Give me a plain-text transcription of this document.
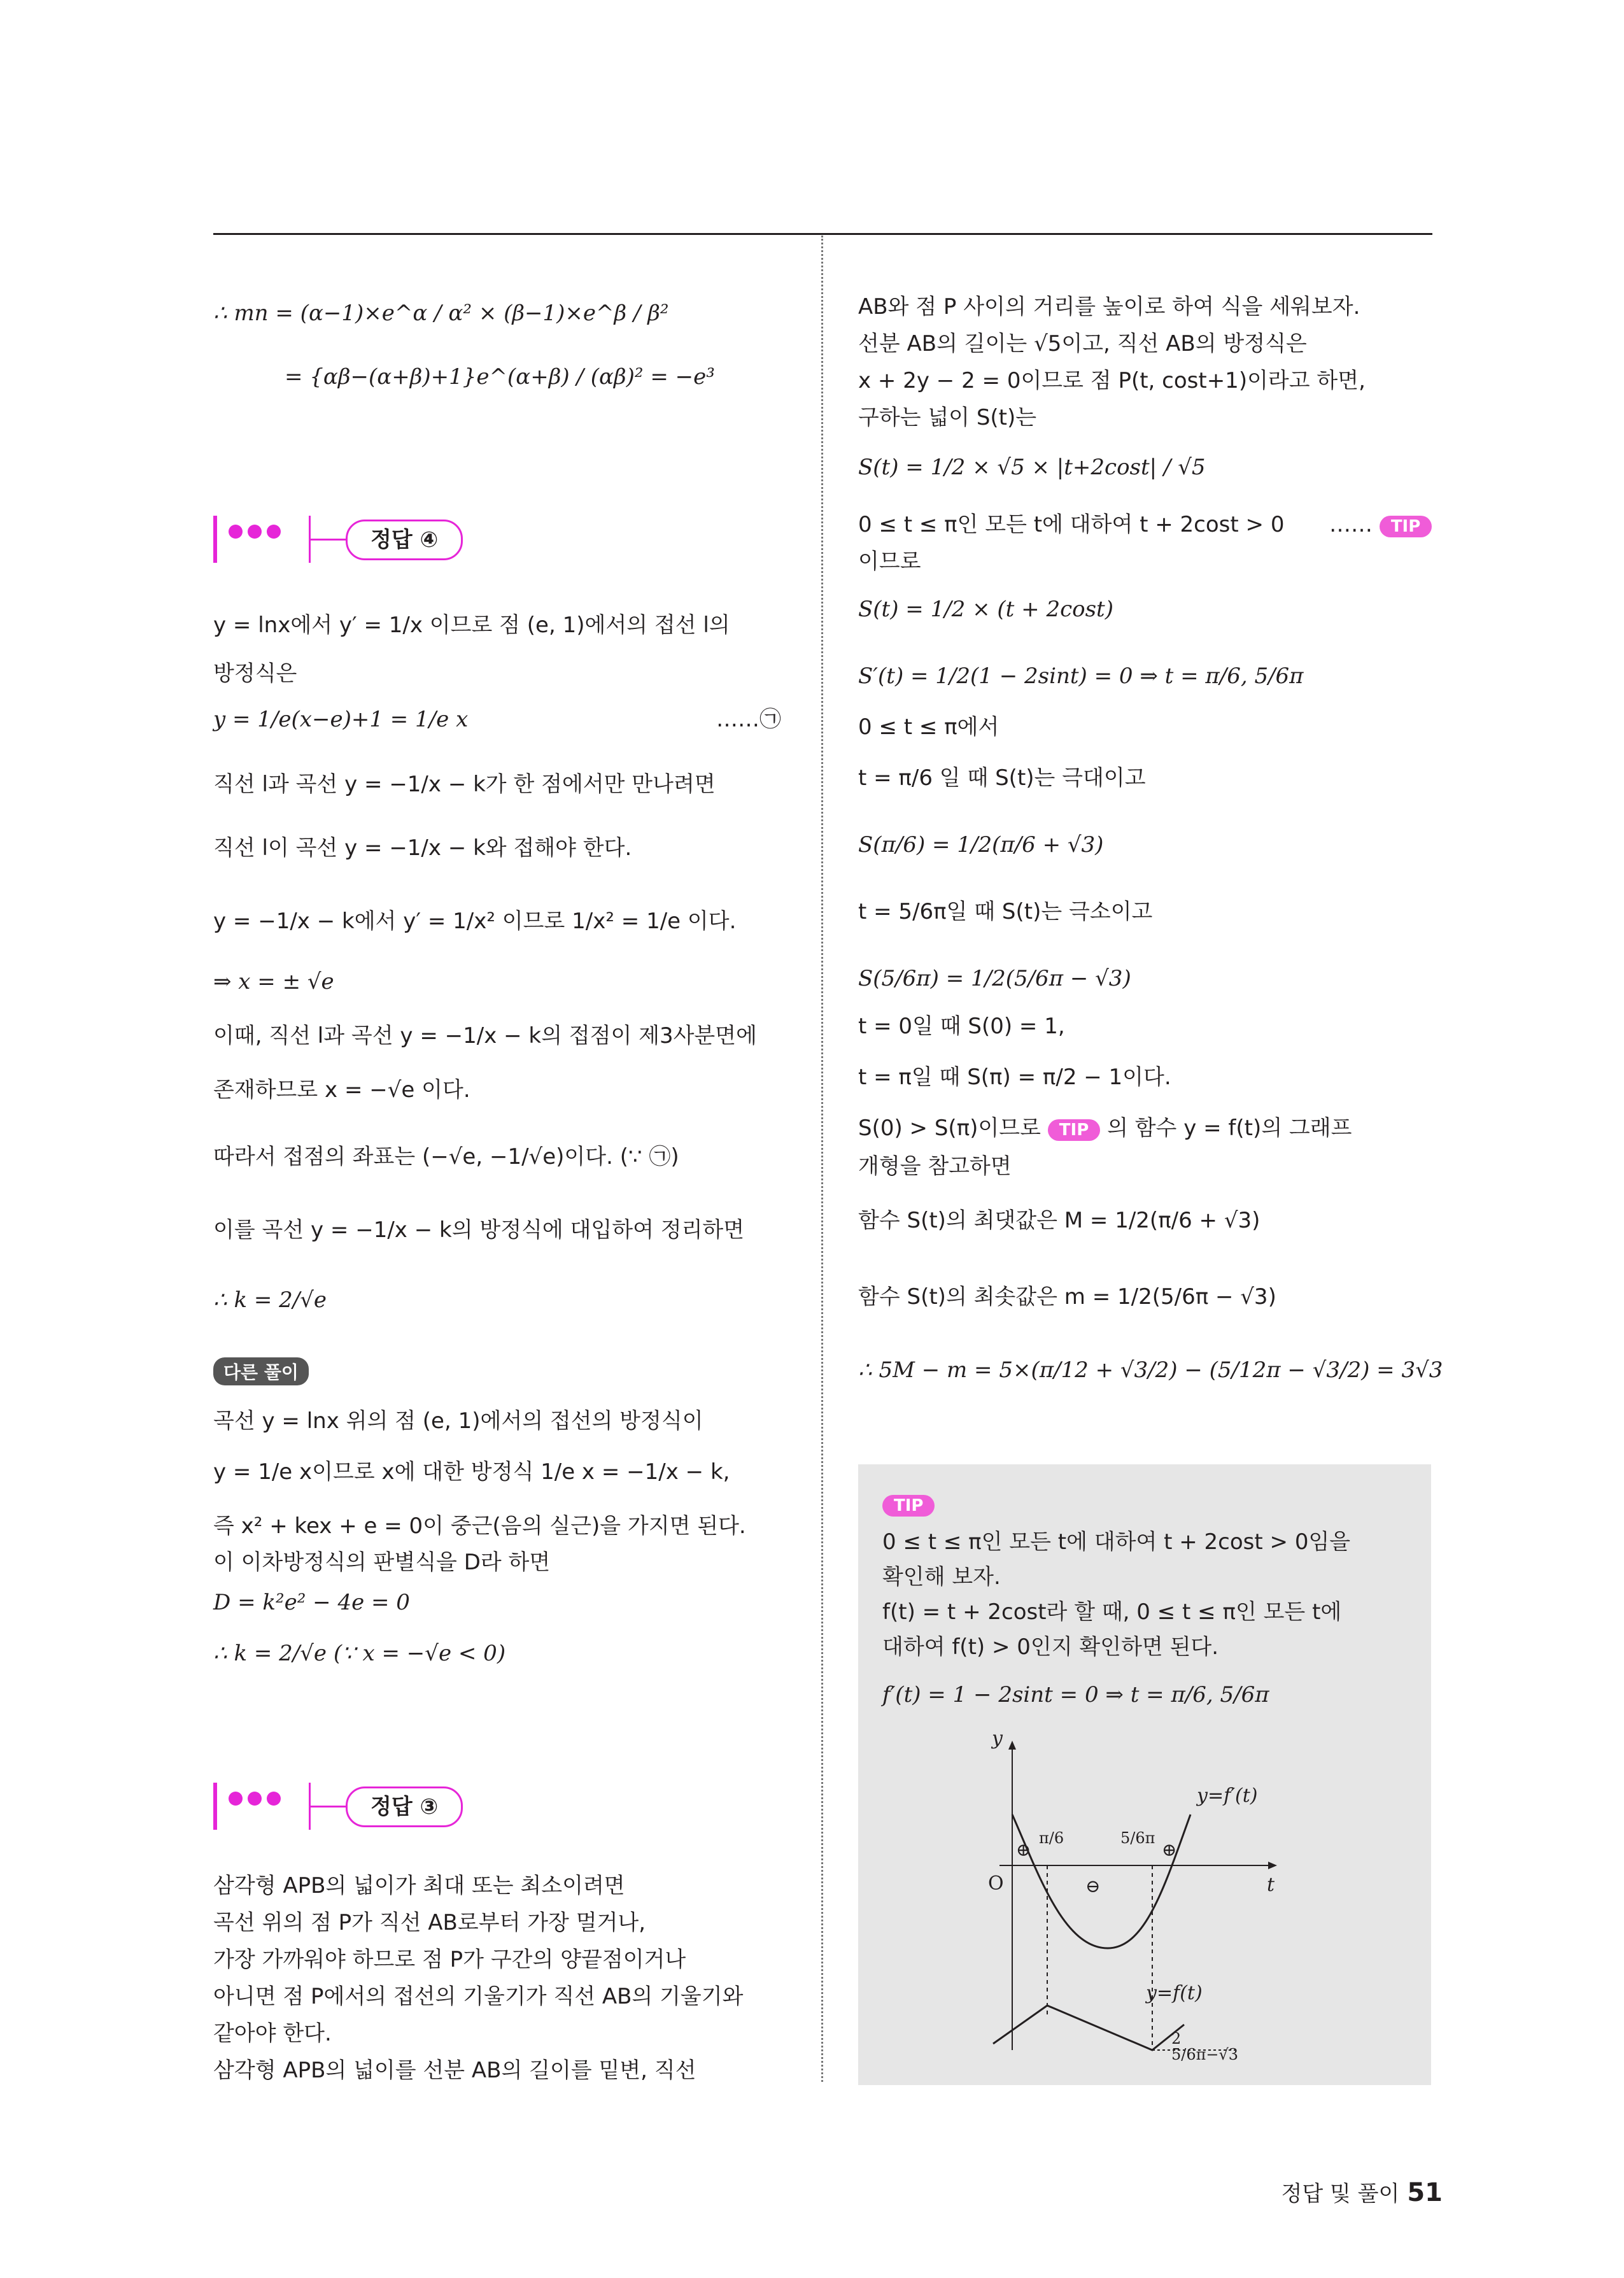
∴ mn = (α−1)×e^α / α² × (β−1)×e^β / β²
= {αβ−(α+β)+1}e^(α+β) / (αβ)² = −e³
정답 ④
y = lnx에서 y′ = 1/x 이므로 점 (e, 1)에서의 접선 l의
방정식은
y = 1/e(x−e)+1 = 1/e x	……㉠
직선 l과 곡선 y = −1/x − k가 한 점에서만 만나려면
직선 l이 곡선 y = −1/x − k와 접해야 한다.
y = −1/x − k에서 y′ = 1/x² 이므로 1/x² = 1/e 이다.
⇒ x = ± √e
이때, 직선 l과 곡선 y = −1/x − k의 접점이 제3사분면에
존재하므로 x = −√e 이다.
따라서 접점의 좌표는 (−√e, −1/√e)이다. (∵ ㉠)
이를 곡선 y = −1/x − k의 방정식에 대입하여 정리하면
∴ k = 2/√e
다른 풀이
곡선 y = lnx 위의 점 (e, 1)에서의 접선의 방정식이
y = 1/e x이므로 x에 대한 방정식 1/e x = −1/x − k,
즉 x² + kex + e = 0이 중근(음의 실근)을 가지면 된다.
이 이차방정식의 판별식을 D라 하면
D = k²e² − 4e = 0
∴ k = 2/√e (∵ x = −√e < 0)
정답 ③
삼각형 APB의 넓이가 최대 또는 최소이려면
곡선 위의 점 P가 직선 AB로부터 가장 멀거나,
가장 가까워야 하므로 점 P가 구간의 양끝점이거나
아니면 점 P에서의 접선의 기울기가 직선 AB의 기울기와
같아야 한다.
삼각형 APB의 넓이를 선분 AB의 길이를 밑변, 직선
AB와 점 P 사이의 거리를 높이로 하여 식을 세워보자.
선분 AB의 길이는 √5이고, 직선 AB의 방정식은
x + 2y − 2 = 0이므로 점 P(t, cost+1)이라고 하면,
구하는 넓이 S(t)는
S(t) = 1/2 × √5 × |t+2cost| / √5
0 ≤ t ≤ π인 모든 t에 대하여 t + 2cost > 0 …… TIP
이므로
S(t) = 1/2 × (t + 2cost)
S′(t) = 1/2(1 − 2sint) = 0 ⇒ t = π/6, 5/6π
0 ≤ t ≤ π에서
t = π/6 일 때 S(t)는 극대이고
S(π/6) = 1/2(π/6 + √3)
t = 5/6π일 때 S(t)는 극소이고
S(5/6π) = 1/2(5/6π − √3)
t = 0일 때 S(0) = 1,
t = π일 때 S(π) = π/2 − 1이다.
S(0) > S(π)이므로 TIP 의 함수 y = f(t)의 그래프
개형을 참고하면
함수 S(t)의 최댓값은 M = 1/2(π/6 + √3)
함수 S(t)의 최솟값은 m = 1/2(5/6π − √3)
∴ 5M − m = 5×(π/12 + √3/2) − (5/12π − √3/2) = 3√3
TIP
0 ≤ t ≤ π인 모든 t에 대하여 t + 2cost > 0임을
확인해 보자.
f(t) = t + 2cost라 할 때, 0 ≤ t ≤ π인 모든 t에
대하여 f(t) > 0인지 확인하면 된다.
f′(t) = 1 − 2sint = 0 ⇒ t = π/6, 5/6π
y
t
O
y=f′(t)
π/6	5/6π
⊕	⊕
⊖
y=f(t)
2
5/6π−√3
정답 및 풀이 51
